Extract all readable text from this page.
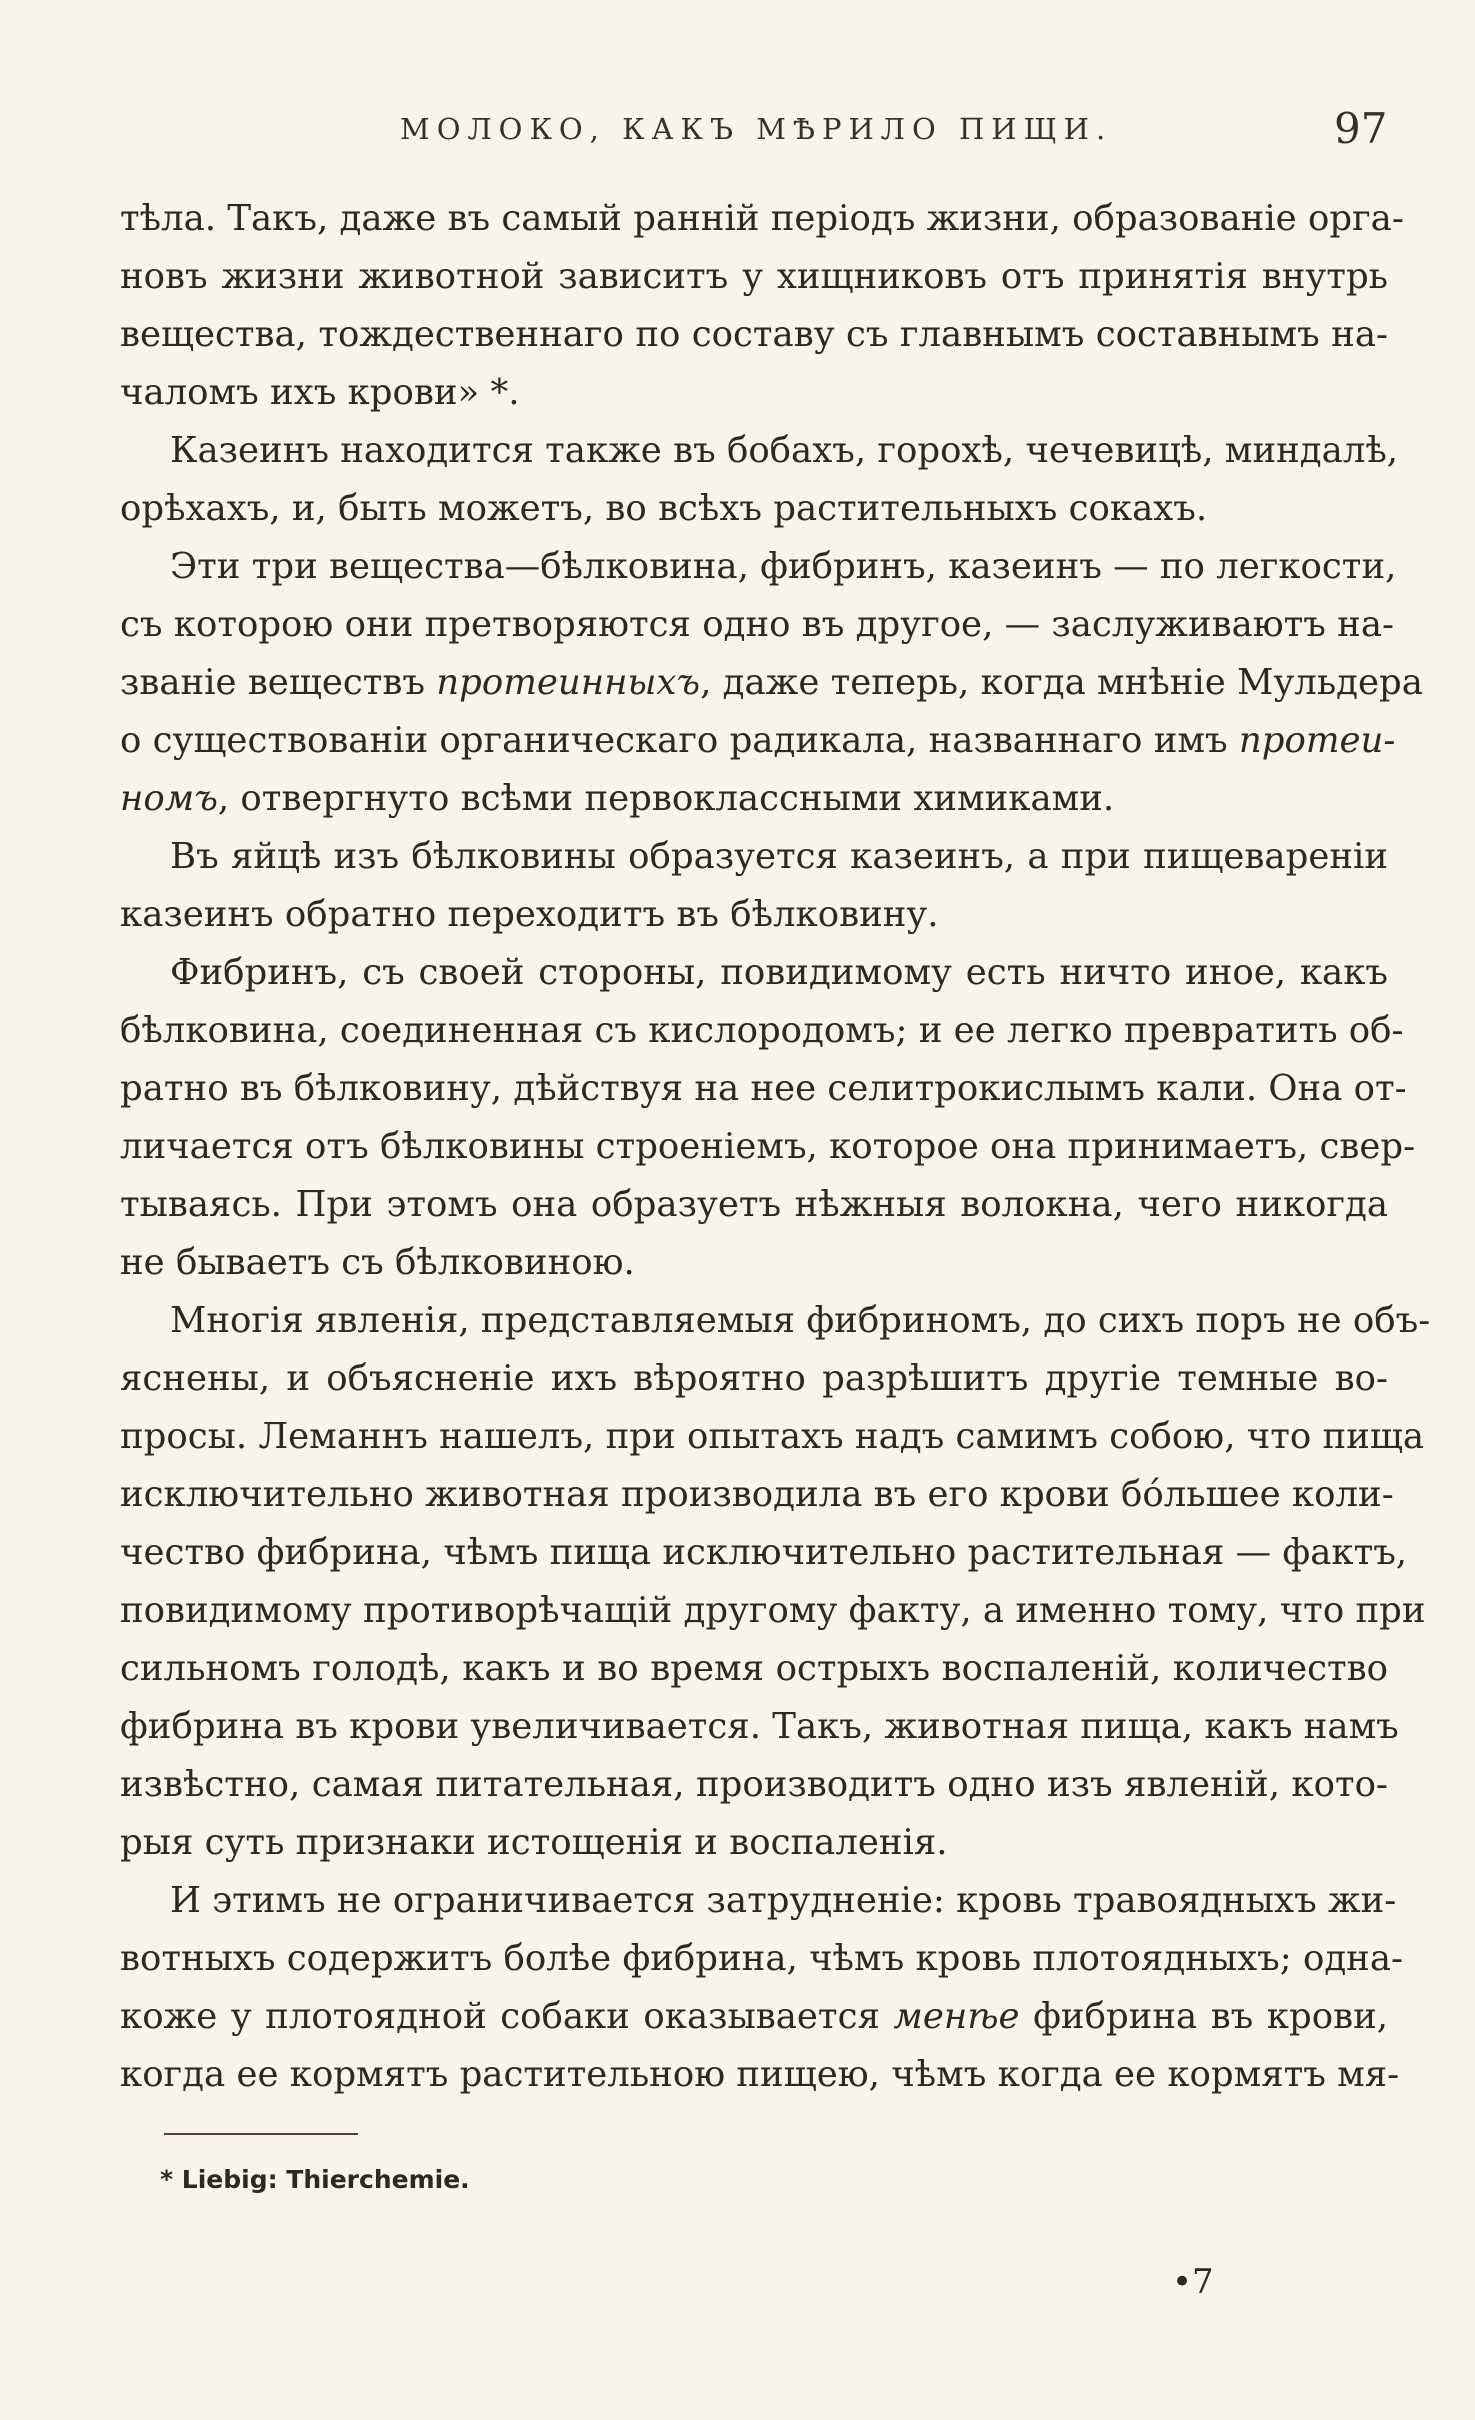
МОЛОКО, КАКЪ МѢРИЛО ПИЩИ.	97
тѣла. Такъ, даже въ самый раннiй перiодъ жизни, образованiе орга-
новъ жизни животной зависитъ у хищниковъ отъ принятiя внутрь
вещества, тождественнаго по составу съ главнымъ составнымъ на-
чаломъ ихъ крови» *.
Казеинъ находится также въ бобахъ, горохѣ, чечевицѣ, миндалѣ,
орѣхахъ, и, быть можетъ, во всѣхъ растительныхъ сокахъ.
Эти три вещества—бѣлковина, фибринъ, казеинъ — по легкости,
съ которою они претворяются одно въ другое, — заслуживаютъ на-
званiе веществъ протеинныхъ, даже теперь, когда мнѣнiе Мульдера
о существованiи органическаго радикала, названнаго имъ протеи-
номъ, отвергнуто всѣми первоклассными химиками.
Въ яйцѣ изъ бѣлковины образуется казеинъ, а при пищеваренiи
казеинъ обратно переходитъ въ бѣлковину.
Фибринъ, съ своей стороны, повидимому есть ничто иное, какъ
бѣлковина, соединенная съ кислородомъ; и ее легко превратить об-
ратно въ бѣлковину, дѣйствуя на нее селитрокислымъ кали. Она от-
личается отъ бѣлковины строенiемъ, которое она принимаетъ, свер-
тываясь. При этомъ она образуетъ нѣжныя волокна, чего никогда
не бываетъ съ бѣлковиною.
Многiя явленiя, представляемыя фибриномъ, до сихъ поръ не объ-
яснены, и объясненiе ихъ вѣроятно разрѣшитъ другiе темные во-
просы. Леманнъ нашелъ, при опытахъ надъ самимъ собою, что пища
исключительно животная производила въ его крови бóльшее коли-
чество фибрина, чѣмъ пища исключительно растительная — фактъ,
повидимому противорѣчащiй другому факту, а именно тому, что при
сильномъ голодѣ, какъ и во время острыхъ воспаленiй, количество
фибрина въ крови увеличивается. Такъ, животная пища, какъ намъ
извѣстно, самая питательная, производитъ одно изъ явленiй, кото-
рыя суть признаки истощенiя и воспаленiя.
И этимъ не ограничивается затрудненiе: кровь травоядныхъ жи-
вотныхъ содержитъ болѣе фибрина, чѣмъ кровь плотоядныхъ; одна-
коже у плотоядной собаки оказывается менѣе фибрина въ крови,
когда ее кормятъ растительною пищею, чѣмъ когда ее кормятъ мя-
* Liebig: Thierchemie.
•7
